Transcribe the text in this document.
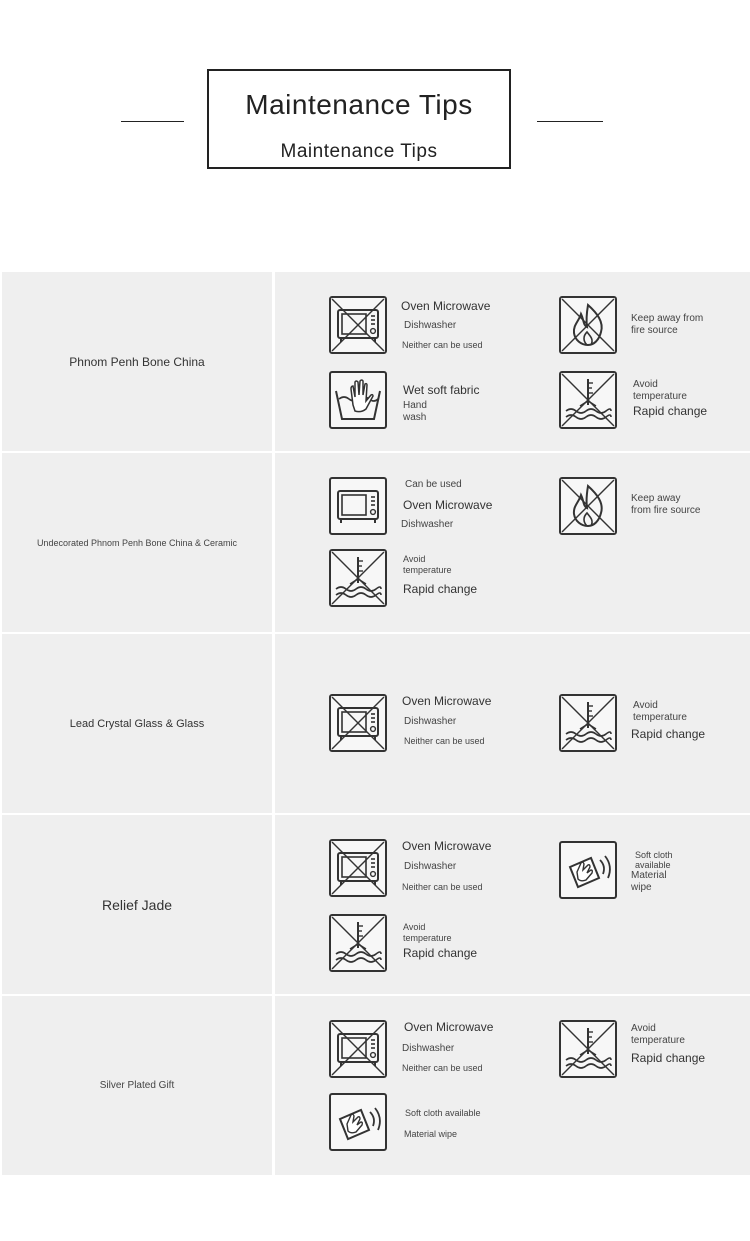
Maintenance Tips
Maintenance Tips
Phnom Penh Bone China
Oven Microwave
Dishwasher
Neither can be used
Keep away from
fire source
Wet soft fabric
Hand
wash
Avoid
temperature
Rapid change
Undecorated Phnom Penh Bone China & Ceramic
Can be used
Oven Microwave
Dishwasher
Keep away
from fire source
Avoid
temperature
Rapid change
Lead Crystal Glass & Glass
Oven Microwave
Dishwasher
Neither can be used
Avoid
temperature
Rapid change
Relief Jade
Oven Microwave
Dishwasher
Neither can be used
Soft cloth
available
Material
wipe
Avoid
temperature
Rapid change
Silver Plated Gift
Oven Microwave
Dishwasher
Neither can be used
Avoid
temperature
Rapid change
Soft cloth available
Material wipe
